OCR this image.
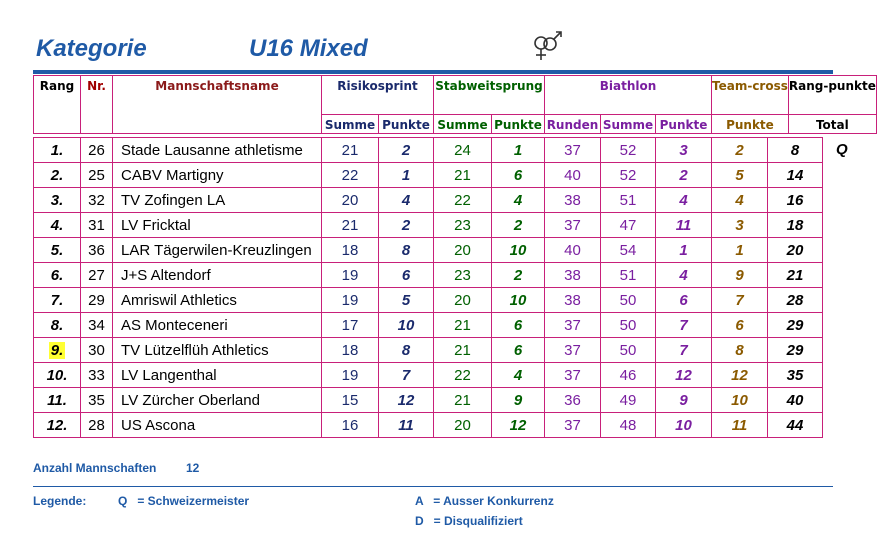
Kategorie	U16 Mixed
Rang	Nr.	Mannschaftsname	Risikosprint		Stabweitsprung		Biathlon			Team-cross	Rang-punkte
			Summe	Punkte	Summe	Punkte	Runden	Summe	Punkte	Punkte	Total
1.	26	Stade Lausanne athletisme	21	2	24	1	37	52	3	2	8
2.	25	CABV Martigny	22	1	21	6	40	52	2	5	14
3.	32	TV Zofingen LA	20	4	22	4	38	51	4	4	16
4.	31	LV Fricktal	21	2	23	2	37	47	11	3	18
5.	36	LAR Tägerwilen-Kreuzlingen	18	8	20	10	40	54	1	1	20
6.	27	J+S Altendorf	19	6	23	2	38	51	4	9	21
7.	29	Amriswil Athletics	19	5	20	10	38	50	6	7	28
8.	34	AS Monteceneri	17	10	21	6	37	50	7	6	29
9.	30	TV Lützelflüh Athletics	18	8	21	6	37	50	7	8	29
10.	33	LV Langenthal	19	7	22	4	37	46	12	12	35
11.	35	LV Zürcher Oberland	15	12	21	9	36	49	9	10	40
12.	28	US Ascona	16	11	20	12	37	48	10	11	44
Q
Anzahl Mannschaften 12
Legende:	Q   = Schweizermeister	A   = Ausser Konkurrenz
D   = Disqualifiziert
